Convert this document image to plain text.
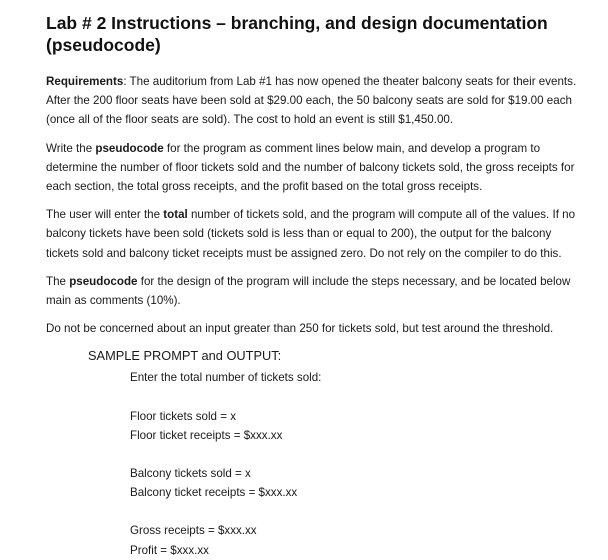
Lab # 2 Instructions – branching, and design documentation (pseudocode)

Requirements: The auditorium from Lab #1 has now opened the theater balcony seats for their events. After the 200 floor seats have been sold at $29.00 each, the 50 balcony seats are sold for $19.00 each (once all of the floor seats are sold). The cost to hold an event is still $1,450.00.

Write the pseudocode for the program as comment lines below main, and develop a program to determine the number of floor tickets sold and the number of balcony tickets sold, the gross receipts for each section, the total gross receipts, and the profit based on the total gross receipts.

The user will enter the total number of tickets sold, and the program will compute all of the values. If no balcony tickets have been sold (tickets sold is less than or equal to 200), the output for the balcony tickets sold and balcony ticket receipts must be assigned zero. Do not rely on the compiler to do this.

The pseudocode for the design of the program will include the steps necessary, and be located below main as comments (10%).

Do not be concerned about an input greater than 250 for tickets sold, but test around the threshold.

SAMPLE PROMPT and OUTPUT:
Enter the total number of tickets sold:
Floor tickets sold = x
Floor ticket receipts = $xxx.xx
Balcony tickets sold = x
Balcony ticket receipts = $xxx.xx
Gross receipts = $xxx.xx
Profit = $xxx.xx
